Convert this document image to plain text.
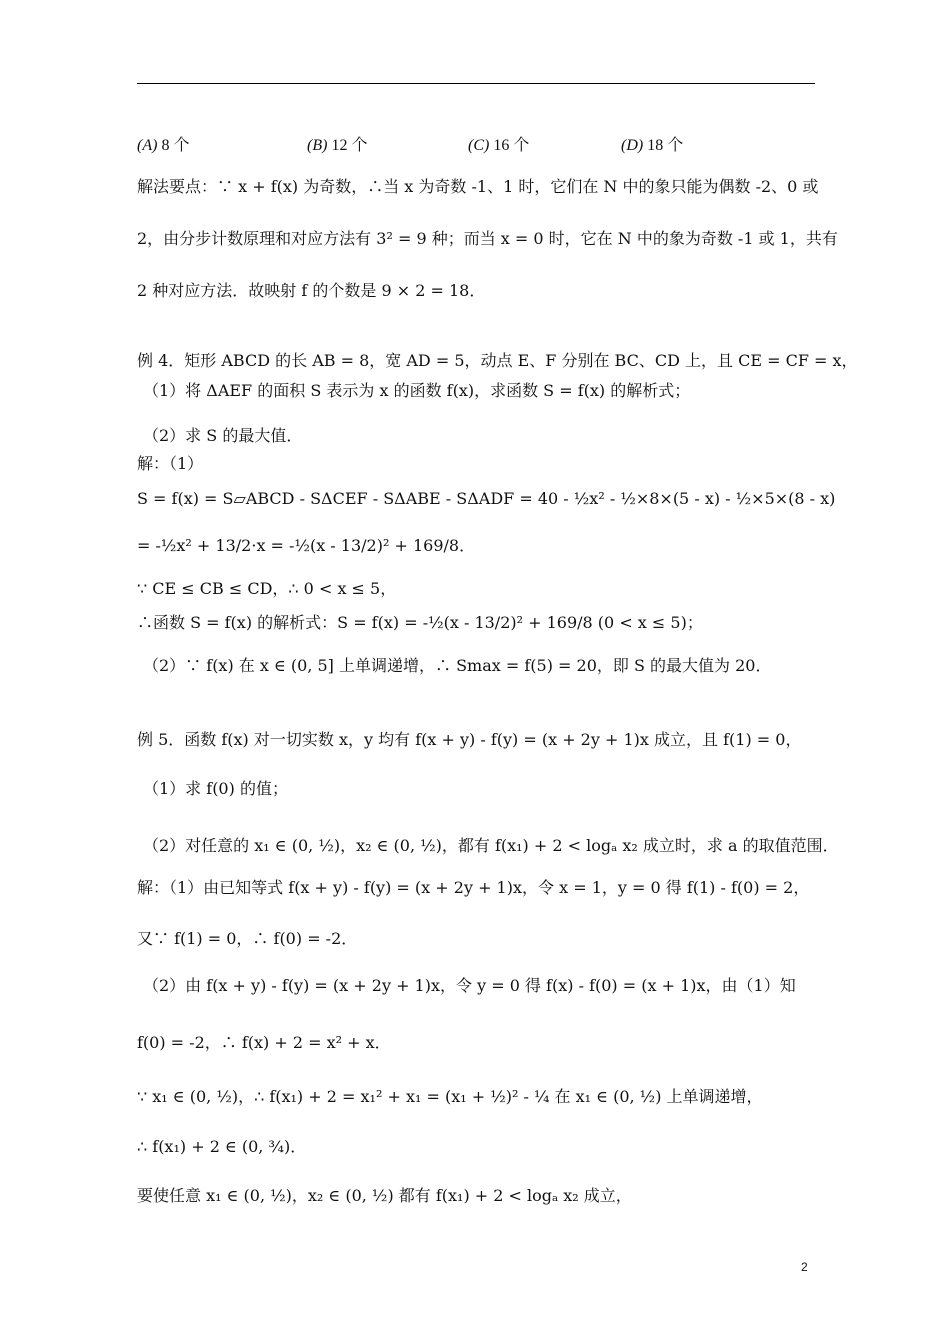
(A) 8 个	(B) 12 个	(C) 16 个	(D) 18 个
解法要点：∵ x + f(x) 为奇数，∴当 x 为奇数 -1、1 时，它们在 N 中的象只能为偶数 -2、0 或
2，由分步计数原理和对应方法有 3² = 9 种；而当 x = 0 时，它在 N 中的象为奇数 -1 或 1，共有
2 种对应方法．故映射 f 的个数是 9 × 2 = 18．
例 4．矩形 ABCD 的长 AB = 8，宽 AD = 5，动点 E、F 分别在 BC、CD 上，且 CE = CF = x，
（1）将 ΔAEF 的面积 S 表示为 x 的函数 f(x)，求函数 S = f(x) 的解析式；
（2）求 S 的最大值．
解：（1）
S = f(x) = S▱ABCD - SΔCEF - SΔABE - SΔADF = 40 - ½x² - ½×8×(5 - x) - ½×5×(8 - x)
= -½x² + 13/2·x = -½(x - 13/2)² + 169/8．
∵ CE ≤ CB ≤ CD，∴ 0 < x ≤ 5，
∴函数 S = f(x) 的解析式：S = f(x) = -½(x - 13/2)² + 169/8 (0 < x ≤ 5)；
（2）∵ f(x) 在 x ∈ (0, 5] 上单调递增，∴ Smax = f(5) = 20，即 S 的最大值为 20．
例 5．函数 f(x) 对一切实数 x，y 均有 f(x + y) - f(y) = (x + 2y + 1)x 成立，且 f(1) = 0，
（1）求 f(0) 的值；
（2）对任意的 x₁ ∈ (0, ½)，x₂ ∈ (0, ½)，都有 f(x₁) + 2 < logₐ x₂ 成立时，求 a 的取值范围．
解：（1）由已知等式 f(x + y) - f(y) = (x + 2y + 1)x，令 x = 1，y = 0 得 f(1) - f(0) = 2，
又∵ f(1) = 0，∴ f(0) = -2．
（2）由 f(x + y) - f(y) = (x + 2y + 1)x，令 y = 0 得 f(x) - f(0) = (x + 1)x，由（1）知
f(0) = -2，∴ f(x) + 2 = x² + x．
∵ x₁ ∈ (0, ½)，∴ f(x₁) + 2 = x₁² + x₁ = (x₁ + ½)² - ¼ 在 x₁ ∈ (0, ½) 上单调递增，
∴ f(x₁) + 2 ∈ (0, ¾)．
要使任意 x₁ ∈ (0, ½)，x₂ ∈ (0, ½) 都有 f(x₁) + 2 < logₐ x₂ 成立，
2
